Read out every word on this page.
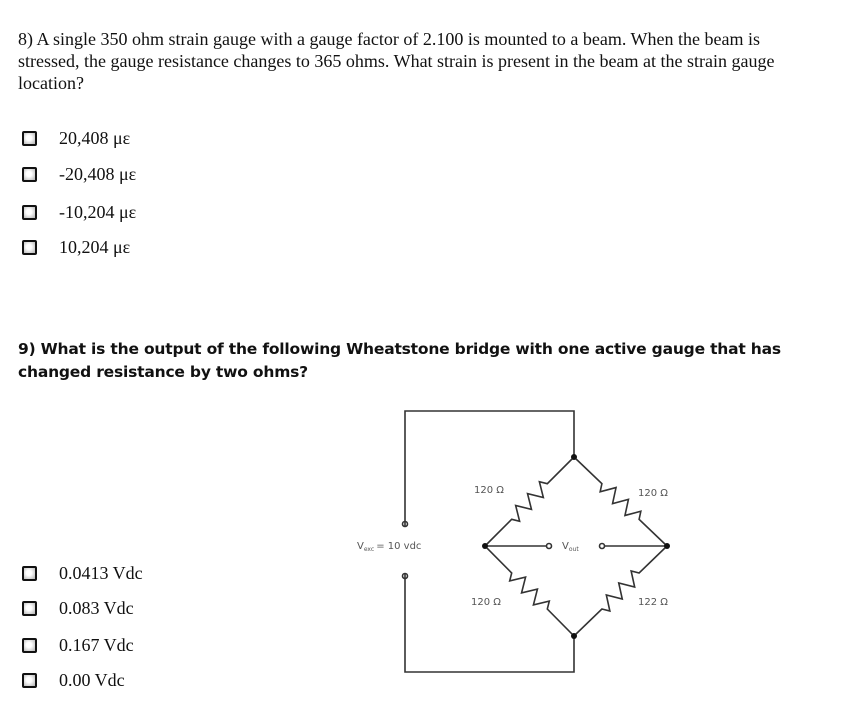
8) A single 350 ohm strain gauge with a gauge factor of 2.100 is mounted to a beam. When the beam is stressed, the gauge resistance changes to 365 ohms. What strain is present in the beam at the strain gauge location?
20,408 με
-20,408 με
-10,204 με
10,204 με
9) What is the output of the following Wheatstone bridge with one active gauge that has changed resistance by two ohms?
120 Ω	120 Ω
120 Ω	122 Ω
$V_{exc} = 10$ vdc	$V_{out}$
0.0413 Vdc
0.083 Vdc
0.167 Vdc
0.00 Vdc
